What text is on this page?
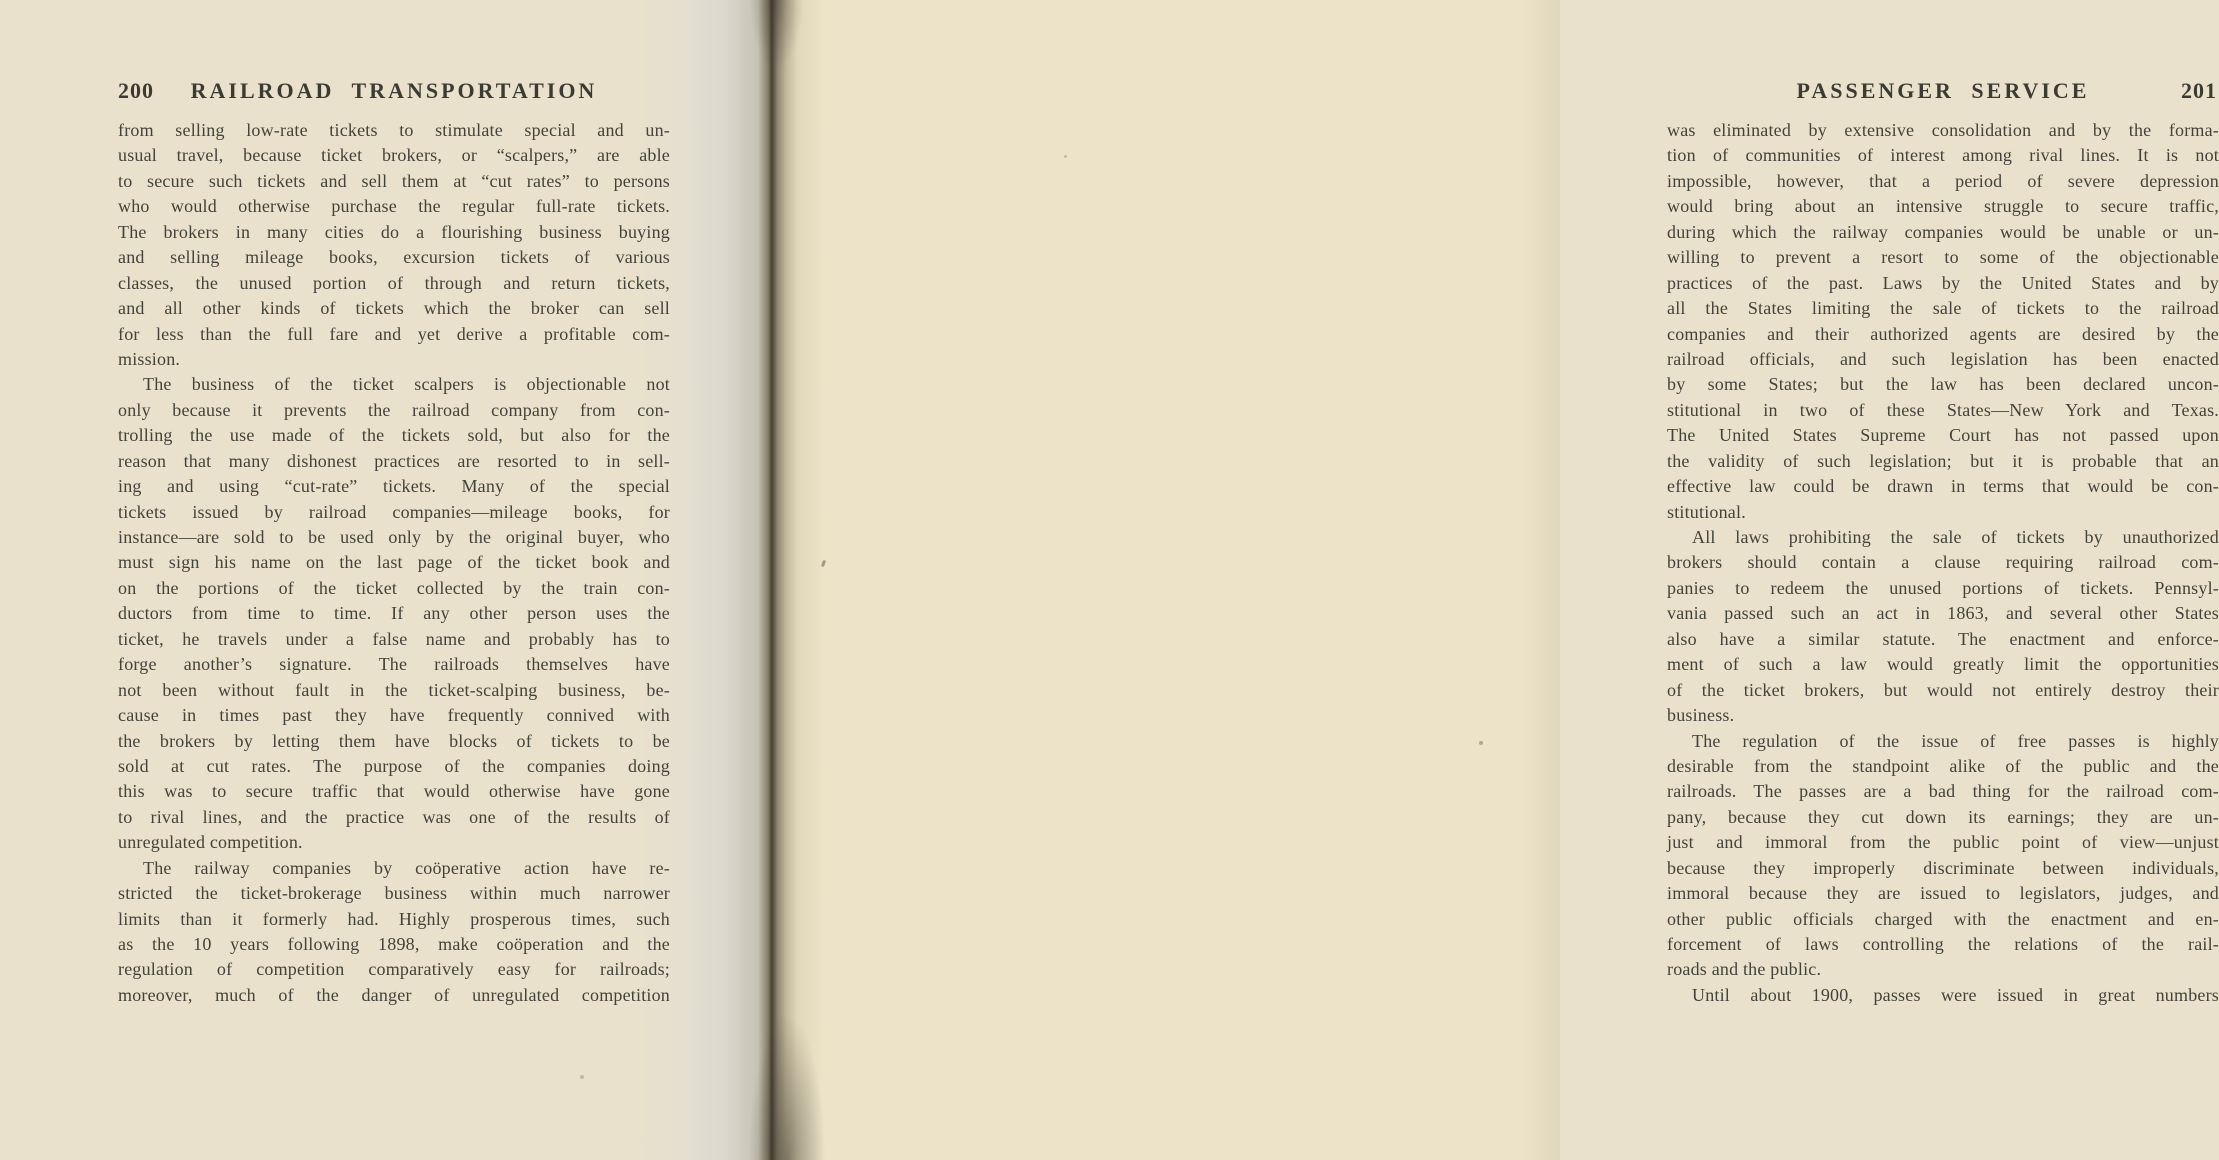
200	RAILROAD TRANSPORTATION
from selling low-rate tickets to stimulate special and un-
usual travel, because ticket brokers, or “scalpers,” are able
to secure such tickets and sell them at “cut rates” to persons
who would otherwise purchase the regular full-rate tickets.
The brokers in many cities do a flourishing business buying
and selling mileage books, excursion tickets of various
classes, the unused portion of through and return tickets,
and all other kinds of tickets which the broker can sell
for less than the full fare and yet derive a profitable com-
mission.
The business of the ticket scalpers is objectionable not
only because it prevents the railroad company from con-
trolling the use made of the tickets sold, but also for the
reason that many dishonest practices are resorted to in sell-
ing and using “cut-rate” tickets. Many of the special
tickets issued by railroad companies—mileage books, for
instance—are sold to be used only by the original buyer, who
must sign his name on the last page of the ticket book and
on the portions of the ticket collected by the train con-
ductors from time to time. If any other person uses the
ticket, he travels under a false name and probably has to
forge another’s signature. The railroads themselves have
not been without fault in the ticket-scalping business, be-
cause in times past they have frequently connived with
the brokers by letting them have blocks of tickets to be
sold at cut rates. The purpose of the companies doing
this was to secure traffic that would otherwise have gone
to rival lines, and the practice was one of the results of
unregulated competition.
The railway companies by coöperative action have re-
stricted the ticket-brokerage business within much narrower
limits than it formerly had. Highly prosperous times, such
as the 10 years following 1898, make coöperation and the
regulation of competition comparatively easy for railroads;
moreover, much of the danger of unregulated competition
PASSENGER SERVICE	201
was eliminated by extensive consolidation and by the forma-
tion of communities of interest among rival lines. It is not
impossible, however, that a period of severe depression
would bring about an intensive struggle to secure traffic,
during which the railway companies would be unable or un-
willing to prevent a resort to some of the objectionable
practices of the past. Laws by the United States and by
all the States limiting the sale of tickets to the railroad
companies and their authorized agents are desired by the
railroad officials, and such legislation has been enacted
by some States; but the law has been declared uncon-
stitutional in two of these States—New York and Texas.
The United States Supreme Court has not passed upon
the validity of such legislation; but it is probable that an
effective law could be drawn in terms that would be con-
stitutional.
All laws prohibiting the sale of tickets by unauthorized
brokers should contain a clause requiring railroad com-
panies to redeem the unused portions of tickets. Pennsyl-
vania passed such an act in 1863, and several other States
also have a similar statute. The enactment and enforce-
ment of such a law would greatly limit the opportunities
of the ticket brokers, but would not entirely destroy their
business.
The regulation of the issue of free passes is highly
desirable from the standpoint alike of the public and the
railroads. The passes are a bad thing for the railroad com-
pany, because they cut down its earnings; they are un-
just and immoral from the public point of view—unjust
because they improperly discriminate between individuals,
immoral because they are issued to legislators, judges, and
other public officials charged with the enactment and en-
forcement of laws controlling the relations of the rail-
roads and the public.
Until about 1900, passes were issued in great numbers
